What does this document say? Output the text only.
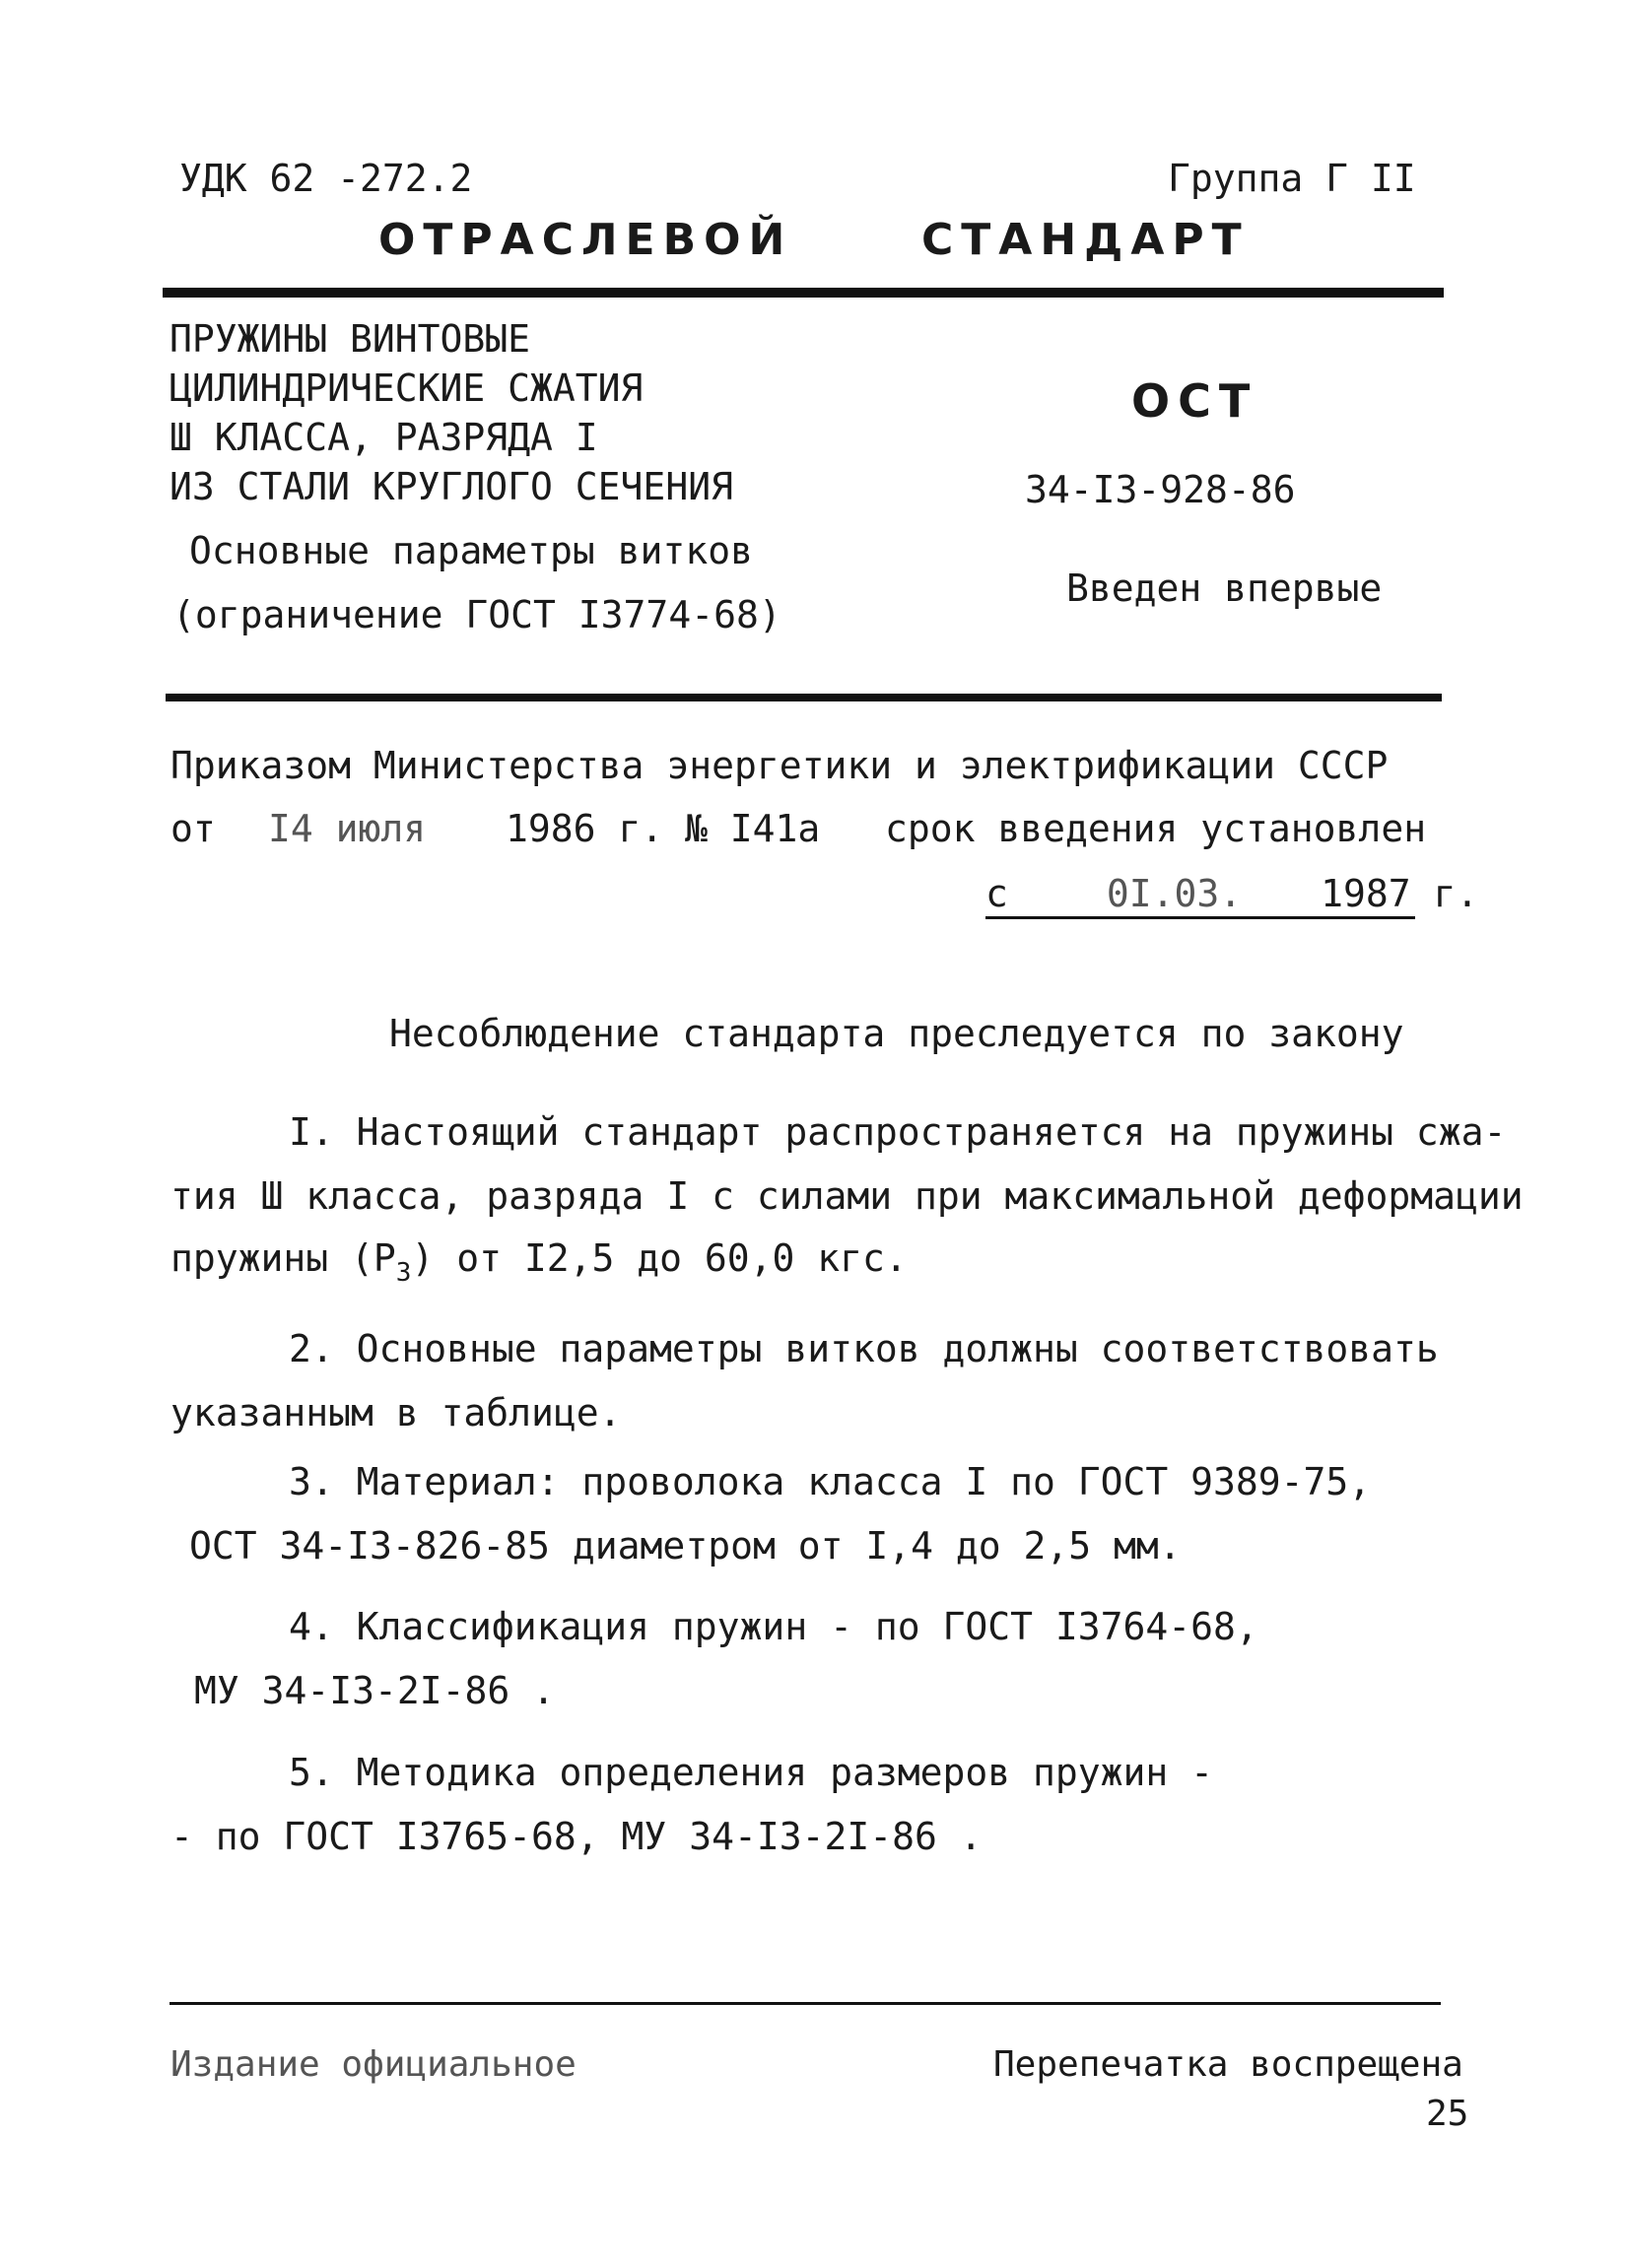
УДК 62 -272.2	Группа Г II
ОТРАСЛЕВОЙ	СТАНДАРТ
ПРУЖИНЫ ВИНТОВЫЕ
ЦИЛИНДРИЧЕСКИЕ СЖАТИЯ
Ш КЛАССА, РАЗРЯДА I
ИЗ СТАЛИ КРУГЛОГО СЕЧЕНИЯ
Основные параметры витков
(ограничение ГОСТ I3774-68)
ОСТ
34-I3-928-86
Введен впервые
Приказом Министерства энергетики и электрификации СССР
от I4 июля 1986 г. № I41а срок введения установлен
с	0I.03. 1987 г.
Несоблюдение стандарта преследуется по закону
I. Настоящий стандарт распространяется на пружины сжа-
тия Ш класса, разряда I с силами при максимальной деформации
пружины $(P_3)$ от I2,5 до 60,0 кгс.
2. Основные параметры витков должны соответствовать
указанным в таблице.
3. Материал: проволока класса I по ГОСТ 9389-75,
ОСТ 34-I3-826-85 диаметром от I,4 до 2,5 мм.
4. Классификация пружин - по ГОСТ I3764-68,
МУ 34-I3-2I-86 .
5. Методика определения размеров пружин -
- по ГОСТ I3765-68, МУ 34-I3-2I-86 .
Издание официальное	Перепечатка воспрещена
25
